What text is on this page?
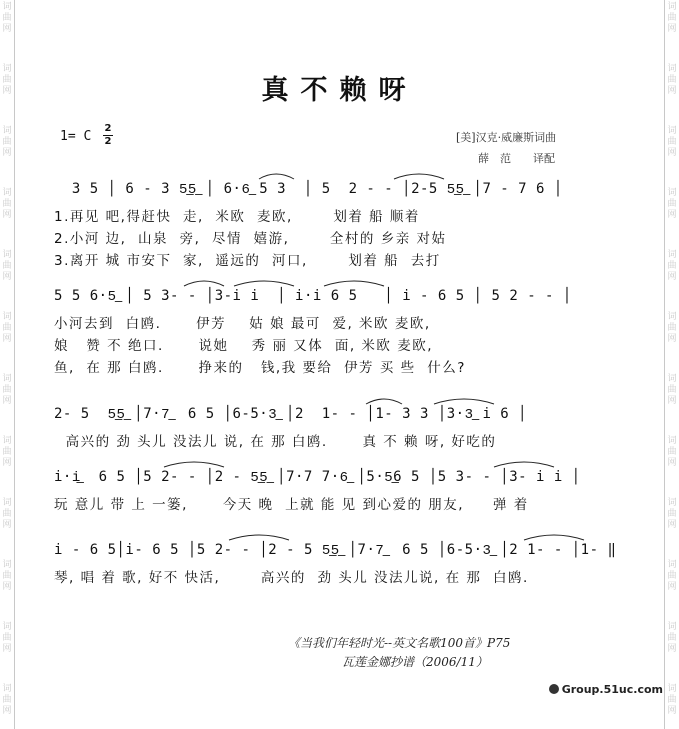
词
曲
网
词
曲
网
词
曲
网
词
曲
网
词
曲
网
词
曲
网
词
曲
网
词
曲
网
词
曲
网
词
曲
网
词
曲
网
词
曲
网
词
曲
网
词
曲
网
词
曲
网
词
曲
网
词
曲
网
词
曲
网
词
曲
网
词
曲
网
词
曲
网
词
曲
网
词
曲
网
词
曲
网
真不赖呀
1= C
2
2	[美]汉克·威廉斯词曲
薛　范　　译配
3 5 │ 6 - 3 5͟5͟ │ 6·6͟ 5 3  │ 5  2 - - │2-5 5͟5͟ │7 - 7 6 │
1.再见 吧,得赶快  走,  米欧  麦欧,       划着 船 顺着
2.小河 边,  山泉  旁,  尽情  嬉游,       全村的 乡亲 对姑
3.离开 城 市安下  家,  遥远的  河口,       划着 船  去打
5 5 6·5͟ │ 5 3- - │3-i i  │ i·i 6 5   │ i - 6 5 │ 5 2 - - │
小河去到  白鸥.      伊芳    姑 娘 最可  爱, 米欧 麦欧,
娘   赞 不 绝口.      说她    秀 丽 又体  面, 米欧 麦欧,
鱼,  在 那 白鸥.      挣来的   钱,我 要给  伊芳 买 些  什么?
2- 5  5͟5͟ │7·7͟  6 5 │6-5·3͟ │2  1- - │1- 3 3 │3·3͟ i 6 │
高兴的 劲 头儿 没法儿 说, 在 那 白鸥.      真 不 赖 呀, 好吃的
i·i͟  6 5 │5 2- - │2 - 5͟5͟ │7·7 7·6͟ │5·5͟6 5 │5 3- - │3- i i │
玩 意儿 带 上 一篓,      今天 晚  上就 能 见 到心爱的 朋友,     弹 着
i - 6 5│i- 6 5 │5 2- - │2 - 5 5͟5͟ │7·7͟  6 5 │6-5·3͟ │2 1- - │1- ‖
琴, 唱 着 歌, 好不 快活,       高兴的  劲 头儿 没法儿说, 在 那  白鸥.
《当我们年轻时光--英文名歌100首》P75
瓦莲金娜抄谱（2006/11）
Group.51uc.com
